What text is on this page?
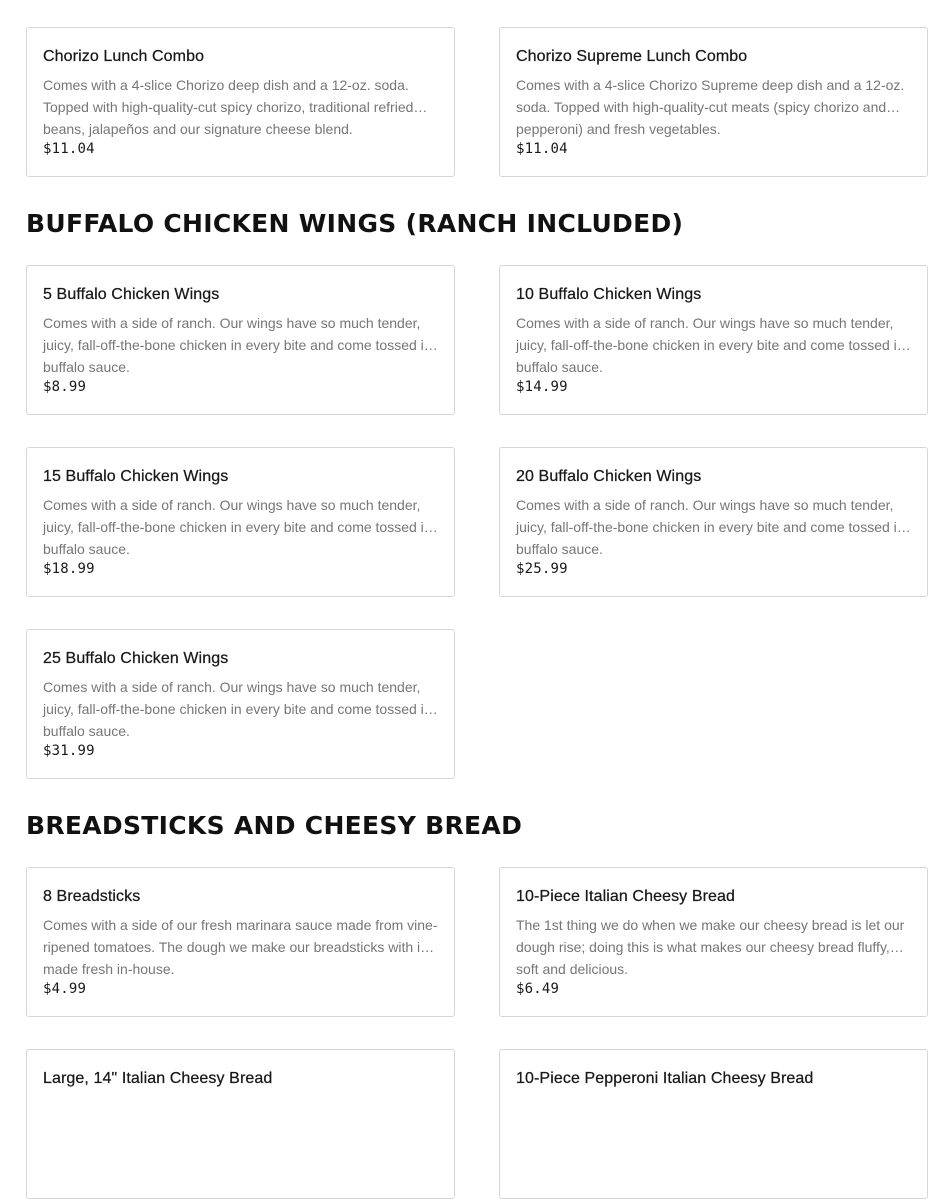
Chorizo Lunch Combo
Comes with a 4-slice Chorizo deep dish and a 12-oz. soda. Topped with high-quality-cut spicy chorizo, traditional refried beans, jalapeños and our signature cheese blend.
$11.04
Chorizo Supreme Lunch Combo
Comes with a 4-slice Chorizo Supreme deep dish and a 12-oz. soda. Topped with high-quality-cut meats (spicy chorizo and pepperoni) and fresh vegetables.
$11.04
BUFFALO CHICKEN WINGS (RANCH INCLUDED)
5 Buffalo Chicken Wings
Comes with a side of ranch. Our wings have so much tender, juicy, fall-off-the-bone chicken in every bite and come tossed in buffalo sauce.
$8.99
10 Buffalo Chicken Wings
Comes with a side of ranch. Our wings have so much tender, juicy, fall-off-the-bone chicken in every bite and come tossed in buffalo sauce.
$14.99
15 Buffalo Chicken Wings
Comes with a side of ranch. Our wings have so much tender, juicy, fall-off-the-bone chicken in every bite and come tossed in buffalo sauce.
$18.99
20 Buffalo Chicken Wings
Comes with a side of ranch. Our wings have so much tender, juicy, fall-off-the-bone chicken in every bite and come tossed in buffalo sauce.
$25.99
25 Buffalo Chicken Wings
Comes with a side of ranch. Our wings have so much tender, juicy, fall-off-the-bone chicken in every bite and come tossed in buffalo sauce.
$31.99
BREADSTICKS AND CHEESY BREAD
8 Breadsticks
Comes with a side of our fresh marinara sauce made from vine-ripened tomatoes. The dough we make our breadsticks with is made fresh in-house.
$4.99
10-Piece Italian Cheesy Bread
The 1st thing we do when we make our cheesy bread is let our dough rise; doing this is what makes our cheesy bread fluffy, soft and delicious.
$6.49
Large, 14" Italian Cheesy Bread	10-Piece Pepperoni Italian Cheesy Bread
